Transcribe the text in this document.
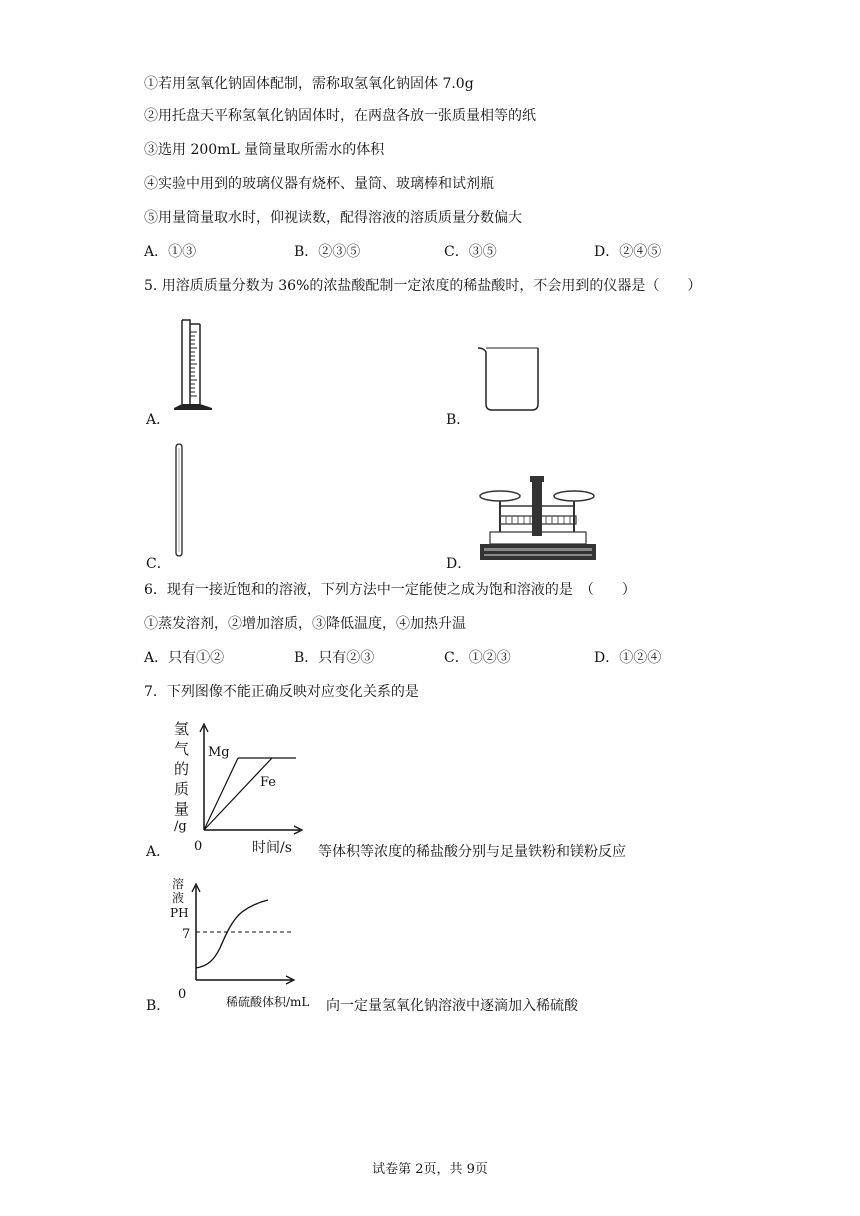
①若用氢氧化钠固体配制，需称取氢氧化钠固体 7.0g
②用托盘天平称氢氧化钠固体时，在两盘各放一张质量相等的纸
③选用 200mL 量筒量取所需水的体积
④实验中用到的玻璃仪器有烧杯、量筒、玻璃棒和试剂瓶
⑤用量筒量取水时，仰视读数，配得溶液的溶质质量分数偏大
A．①③	B．②③⑤	C．③⑤	D．②④⑤
5. 用溶质质量分数为 36%的浓盐酸配制一定浓度的稀盐酸时，不会用到的仪器是（　　）
A．	B．
C．	D．
6．现有一接近饱和的溶液，下列方法中一定能使之成为饱和溶液的是　（　　）
①蒸发溶剂，②增加溶质，③降低温度，④加热升温
A．只有①②	B．只有②③	C．①②③	D．①②④
7．下列图像不能正确反映对应变化关系的是
氢
气
的
质
量
/g
Mg
Fe
0	时间/s
A．	等体积等浓度的稀盐酸分别与足量铁粉和镁粉反应
溶
液
PH
7
0	稀硫酸体积/mL
B．	向一定量氢氧化钠溶液中逐滴加入稀硫酸
试卷第 2页，共 9页
